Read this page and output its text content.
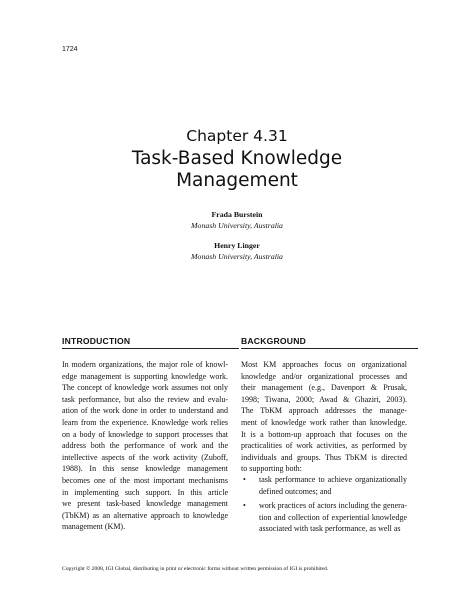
1724
Chapter 4.31
Task-Based Knowledge
Management
Frada Burstein
Monash University, Australia
Henry Linger
Monash University, Australia
INTRODUCTION	BACKGROUND
In modern organizations, the major role of knowl-
edge management is supporting knowledge work.
The concept of knowledge work assumes not only
task performance, but also the review and evalu-
ation of the work done in order to understand and
learn from the experience. Knowledge work relies
on a body of knowledge to support processes that
address both the performance of work and the
intellective aspects of the work activity (Zuboff,
1988). In this sense knowledge management
becomes one of the most important mechanisms
in implementing such support. In this article
we present task-based knowledge management
(TbKM) as an alternative approach to knowledge
management (KM).
Most KM approaches focus on organizational
knowledge and/or organizational processes and
their management (e.g., Davenport & Prusak,
1998; Tiwana, 2000; Awad & Ghaziri, 2003).
The TbKM approach addresses the manage-
ment of knowledge work rather than knowledge.
It is a bottom-up approach that focuses on the
practicalities of work activities, as performed by
individuals and groups. Thus TbKM is directed
to supporting both:
• task performance to achieve organizationally
defined outcomes; and
• work practices of actors including the genera-
tion and collection of experiential knowledge
associated with task performance, as well as
Copyright © 2008, IGI Global, distributing in print or electronic forms without written permission of IGI is prohibited.
